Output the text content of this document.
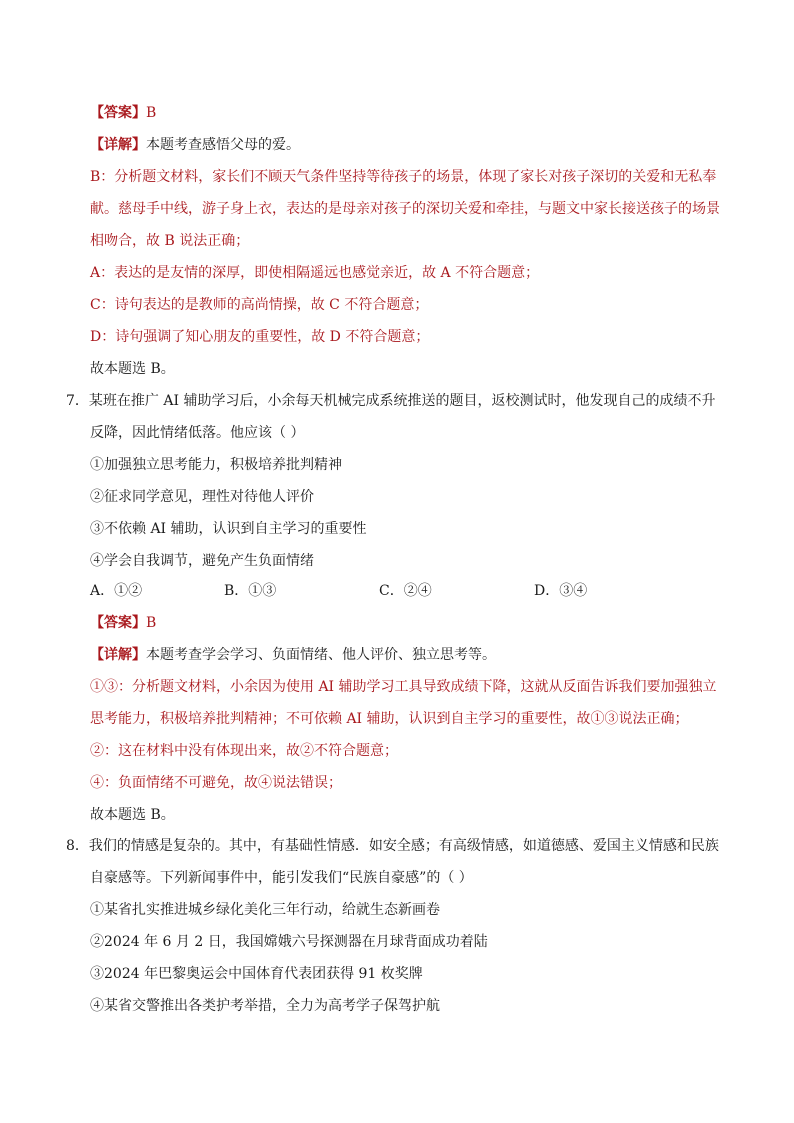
【答案】B
【详解】本题考查感悟父母的爱。
B：分析题文材料，家长们不顾天气条件坚持等待孩子的场景，体现了家长对孩子深切的关爱和无私奉
献。慈母手中线，游子身上衣，表达的是母亲对孩子的深切关爱和牵挂，与题文中家长接送孩子的场景
相吻合，故 B 说法正确；
A：表达的是友情的深厚，即使相隔遥远也感觉亲近，故 A 不符合题意；
C：诗句表达的是教师的高尚情操，故 C 不符合题意；
D：诗句强调了知心朋友的重要性，故 D 不符合题意；
故本题选 B。
7．某班在推广 AI 辅助学习后，小余每天机械完成系统推送的题目，返校测试时，他发现自己的成绩不升
反降，因此情绪低落。他应该（ ）
①加强独立思考能力，积极培养批判精神
②征求同学意见，理性对待他人评价
③不依赖 AI 辅助，认识到自主学习的重要性
④学会自我调节，避免产生负面情绪
A．①②	B．①③	C．②④	D．③④
【答案】B
【详解】本题考查学会学习、负面情绪、他人评价、独立思考等。
①③：分析题文材料，小余因为使用 AI 辅助学习工具导致成绩下降，这就从反面告诉我们要加强独立
思考能力，积极培养批判精神；不可依赖 AI 辅助，认识到自主学习的重要性，故①③说法正确；
②：这在材料中没有体现出来，故②不符合题意；
④：负面情绪不可避免，故④说法错误；
故本题选 B。
8．我们的情感是复杂的。其中，有基础性情感．如安全感；有高级情感，如道德感、爱国主义情感和民族
自豪感等。下列新闻事件中，能引发我们“民族自豪感”的（ ）
①某省扎实推进城乡绿化美化三年行动，给就生态新画卷
②2024 年 6 月 2 日，我国嫦娥六号探测器在月球背面成功着陆
③2024 年巴黎奥运会中国体育代表团获得 91 枚奖牌
④某省交警推出各类护考举措，全力为高考学子保驾护航
